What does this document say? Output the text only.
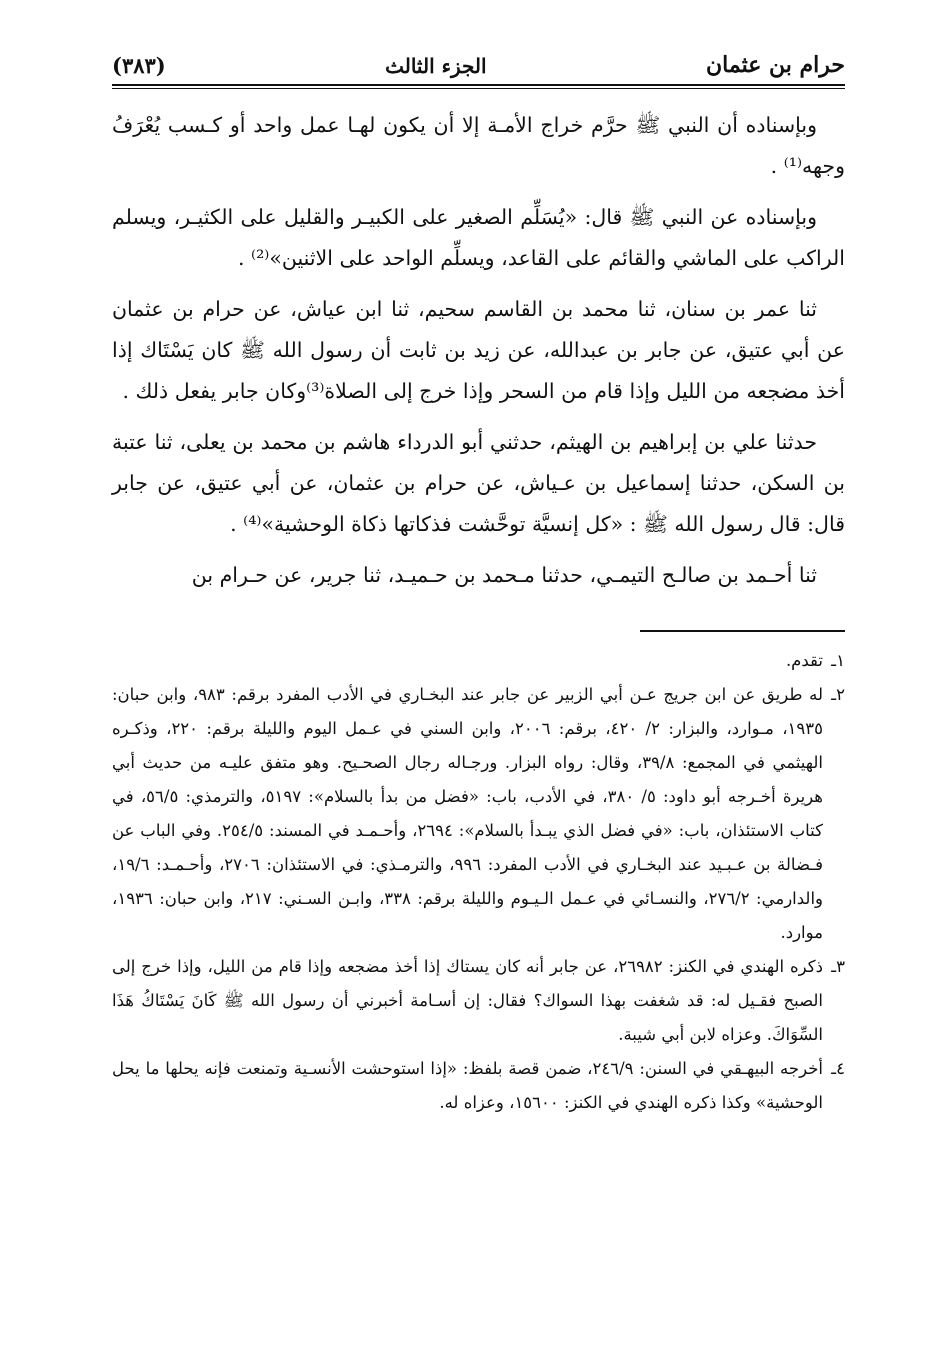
حرام بن عثمان
الجزء الثالث
(٣٨٣)

وبإسناده أن النبي ﷺ حرَّم خراج الأمـة إلا أن يكون لهـا عمل واحد أو كـسب يُعْرَفُ وجهه⁽¹⁾ .

وبإسناده عن النبي ﷺ قال: «يُسَلِّم الصغير على الكبيـر والقليل على الكثيـر، ويسلم الراكب على الماشي والقائم على القاعد، ويسلِّم الواحد على الاثنين»⁽²⁾ .

ثنا عمر بن سنان، ثنا محمد بن القاسم سحيم، ثنا ابن عياش، عن حرام بن عثمان عن أبي عتيق، عن جابر بن عبدالله، عن زيد بن ثابت أن رسول الله ﷺ كان يَسْتَاك إذا أخذ مضجعه من الليل وإذا قام من السحر وإذا خرج إلى الصلاة⁽³⁾وكان جابر يفعل ذلك .

حدثنا علي بن إبراهيم بن الهيثم، حدثني أبو الدرداء هاشم بن محمد بن يعلى، ثنا عتبة بن السكن، حدثنا إسماعيل بن عـياش، عن حرام بن عثمان، عن أبي عتيق، عن جابر قال: قال رسول الله ﷺ : «كل إنسيَّة توحَّشت فذكاتها ذكاة الوحشية»⁽⁴⁾ .

ثنا أحـمد بن صالـح التيمـي، حدثنا مـحمد بن حـميـد، ثنا جرير، عن حـرام بن

١ـ
تقدم.

٢ـ
له طريق عن ابن جريج عـن أبي الزبير عن جابر عند البخـاري في الأدب المفرد برقم: ٩٨٣، وابن حبان: ١٩٣٥، مـوارد، والبزار: ٢/ ٤٢٠، برقم: ٢٠٠٦، وابن السني في عـمل اليوم والليلة برقم: ٢٢٠، وذكـره الهيثمي في المجمع: ٣٩/٨، وقال: رواه البزار. ورجـاله رجال الصحـيح. وهو متفق عليـه من حديث أبي هريرة أخـرجه أبو داود: ٥/ ٣٨٠، في الأدب، باب: «فضل من بدأ بالسلام»: ٥١٩٧، والترمذي: ٥٦/٥، في كتاب الاستئذان، باب: «في فضل الذي يبـدأ بالسلام»: ٢٦٩٤، وأحـمـد في المسند: ٢٥٤/٥. وفي الباب عن فـضالة بن عـبـيد عند البخـاري في الأدب المفرد: ٩٩٦، والترمـذي: في الاستئذان: ٢٧٠٦، وأحـمـد: ١٩/٦، والدارمي: ٢٧٦/٢، والنسـائي في عـمل الـيـوم والليلة برقم: ٣٣٨، وابـن السـني: ٢١٧، وابن حبان: ١٩٣٦، موارد.

٣ـ
ذكره الهندي في الكنز: ٢٦٩٨٢، عن جابر أنه كان يستاك إذا أخذ مضجعه وإذا قام من الليل، وإذا خرج إلى الصبح فقـيل له: قد شغفت بهذا السواك؟ فقال: إن أسـامة أخبرني أن رسول الله ﷺ كَانَ يَسْتَاكُ هَذَا السِّوَاكَ. وعزاه لابن أبي شيبة.

٤ـ
أخرجه البيهـقي في السنن: ٢٤٦/٩، ضمن قصة بلفظ: «إذا استوحشت الأنسـية وتمنعت فإنه يحلها ما يحل الوحشية» وكذا ذكره الهندي في الكنز: ١٥٦٠٠، وعزاه له.
